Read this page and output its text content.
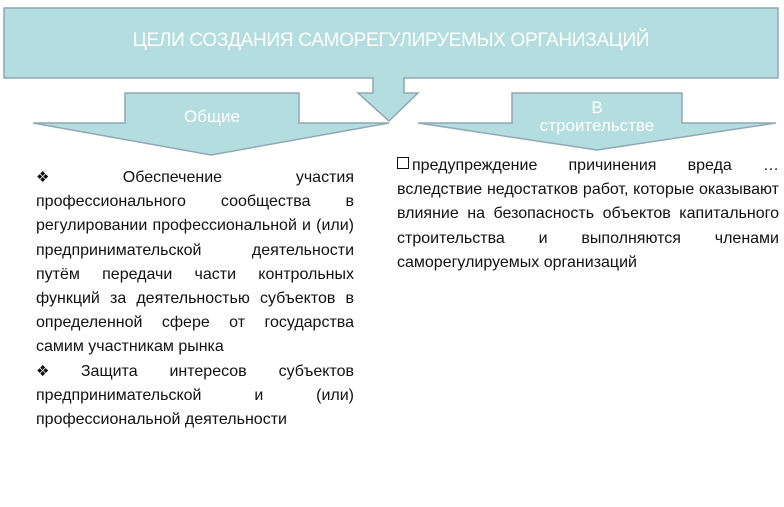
ЦЕЛИ СОЗДАНИЯ САМОРЕГУЛИРУЕМЫХ ОРГАНИЗАЦИЙ
Общие	В
строительстве

❖ Обеспечение участия профессионального сообщества в регулировании профессиональной и (или) предпринимательской деятельности путём передачи части контрольных функций за деятельностью субъектов в определенной сфере от государства самим участникам рынка

❖ Защита интересов субъектов предпринимательской и (или) профессиональной деятельности

предупреждение причинения вреда … вследствие недостатков работ, которые оказывают влияние на безопасность объектов капитального строительства и выполняются членами саморегулируемых организаций
